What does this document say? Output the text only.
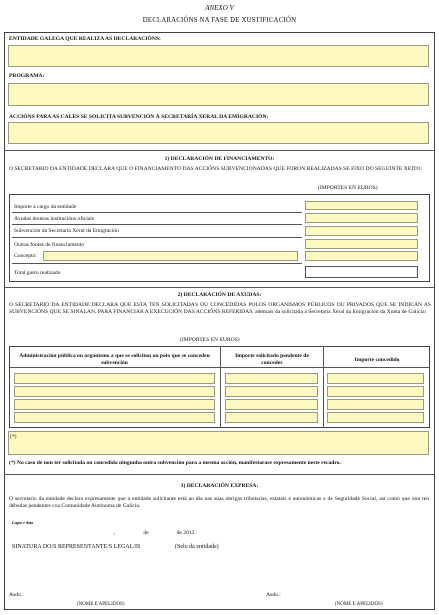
ANEXO V
DECLARACIÓNS NA FASE DE XUSTIFICACIÓN
ENTIDADE GALEGA QUE REALIZA AS DECLARACIÓNS:
PROGRAMA:
ACCIÓNS PARA AS CALES SE SOLICITA SUBVENCIÓN Á SECRETARÍA XERAL DA EMIGRACIÓN:
1) DECLARACIÓN DE FINANCIAMENTO:
O SECRETARIO DA ENTIDADE DECLARA QUE O FINANCIAMENTO DAS ACCIÓNS SUBVENCIONADAS QUE FORON REALIZADAS SE FIXO DO SEGUINTE XEITO:
(IMPORTES EN EUROS)
Importe a cargo da entidade
Axudas doutras institucións oficiais
Subvención da Secretaría Xeral da Emigración
Outras fontes de financiamento
Concepto:
Total gasto realizado
2) DECLARACIÓN DE AXUDAS:
O SECRETARIO DA ENTIDADE DECLARA QUE ESTA TEN SOLICITADAS OU CONCEDIDAS POLOS ORGANISMOS PÚBLICOS OU PRIVADOS QUE SE INDICAN AS SUBVENCIÓNS QUE SE SINALAN, PARA FINANCIAR A EXECUCIÓN DAS ACCIÓNS REFERIDAS, ademais da solicitada á Secretaría Xeral da Emigración da Xunta de Galicia:
(IMPORTES EN EUROS)
Administración pública ou organismo a que se solicitou ou polo que se concedeu subvención
Importe solicitado pendente de conceder	Importe concedido
(*)
(*) No caso de non ter solicitada ou concedida ningunha outra subvención para a mesma acción, manifestarase expresamente neste recadro.
3) DECLARACIÓN EXPRESA:
O secretario da entidade declara expresamente que a entidade solicitante está ao día nas súas obrigas tributarias, estatais e autonómicas e de Seguridade Social, así como que non ten débedas pendentes coa Comunidade Autónoma de Galicia.
Lugar e data
,                    de                    de 2012.
SINATURA DO/S REPRESENTANTE/S LEGAL/IS	(Selo da entidade)
Asdo.:	Asdo.:
(NOME E APELIDOS)	(NOME E APELIDOS)
